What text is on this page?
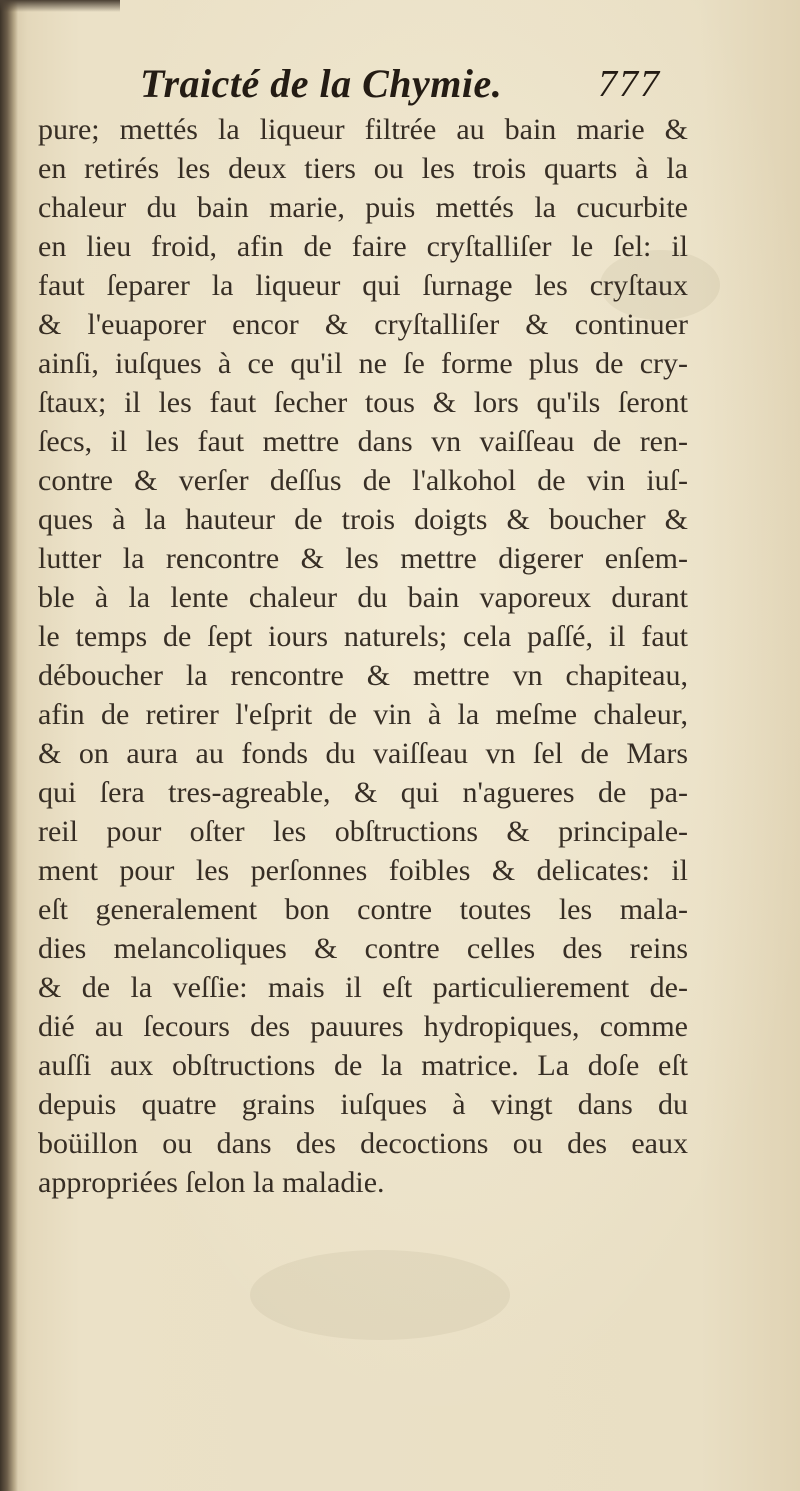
Traicté de la Chymie.	777
pure; mettés la liqueur filtrée au bain marie &
en retirés les deux tiers ou les trois quarts à la
chaleur du bain marie, puis mettés la cucurbite
en lieu froid, afin de faire cryſtalliſer le ſel: il
faut ſeparer la liqueur qui ſurnage les cryſtaux
& l'euaporer encor & cryſtalliſer & continuer
ainſi, iuſques à ce qu'il ne ſe forme plus de cry-
ſtaux; il les faut ſecher tous & lors qu'ils ſeront
ſecs, il les faut mettre dans vn vaiſſeau de ren-
contre & verſer deſſus de l'alkohol de vin iuſ-
ques à la hauteur de trois doigts & boucher &
lutter la rencontre & les mettre digerer enſem-
ble à la lente chaleur du bain vaporeux durant
le temps de ſept iours naturels; cela paſſé, il faut
déboucher la rencontre & mettre vn chapiteau,
afin de retirer l'eſprit de vin à la meſme chaleur,
& on aura au fonds du vaiſſeau vn ſel de Mars
qui ſera tres-agreable, & qui n'agueres de pa-
reil pour oſter les obſtructions & principale-
ment pour les perſonnes foibles & delicates: il
eſt generalement bon contre toutes les mala-
dies melancoliques & contre celles des reins
& de la veſſie: mais il eſt particulierement de-
dié au ſecours des pauures hydropiques, comme
auſſi aux obſtructions de la matrice. La doſe eſt
depuis quatre grains iuſques à vingt dans du
boüillon ou dans des decoctions ou des eaux
appropriées ſelon la maladie.
